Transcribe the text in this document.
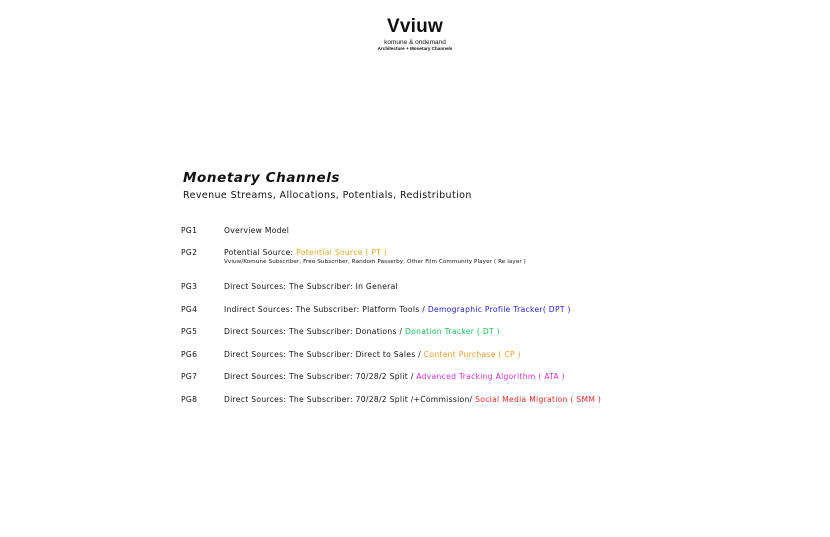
Vviuw
komune & ondemand
Architecture + Monetary Channels
Monetary Channels
Revenue Streams, Allocations, Potentials, Redistribution
PG1	Overview Model
PG2	Potential Source: Potential Source ( PT )
Vviuw/Komune Subscriber, Free Subscriber, Random Passerby, Other Film Community Player ( Re layer )
PG3	Direct Sources: The Subscriber: In General
PG4	Indirect Sources: The Subscriber: Platform Tools / Demographic Profile Tracker( DPT )
PG5	Direct Sources: The Subscriber: Donations / Donation Tracker ( DT )
PG6	Direct Sources: The Subscriber: Direct to Sales / Content Purchase ( CP )
PG7	Direct Sources: The Subscriber: 70/28/2 Split / Advanced Tracking Algorithm ( ATA )
PG8	Direct Sources: The Subscriber: 70/28/2 Split /+Commission/ Social Media Migration ( SMM )
